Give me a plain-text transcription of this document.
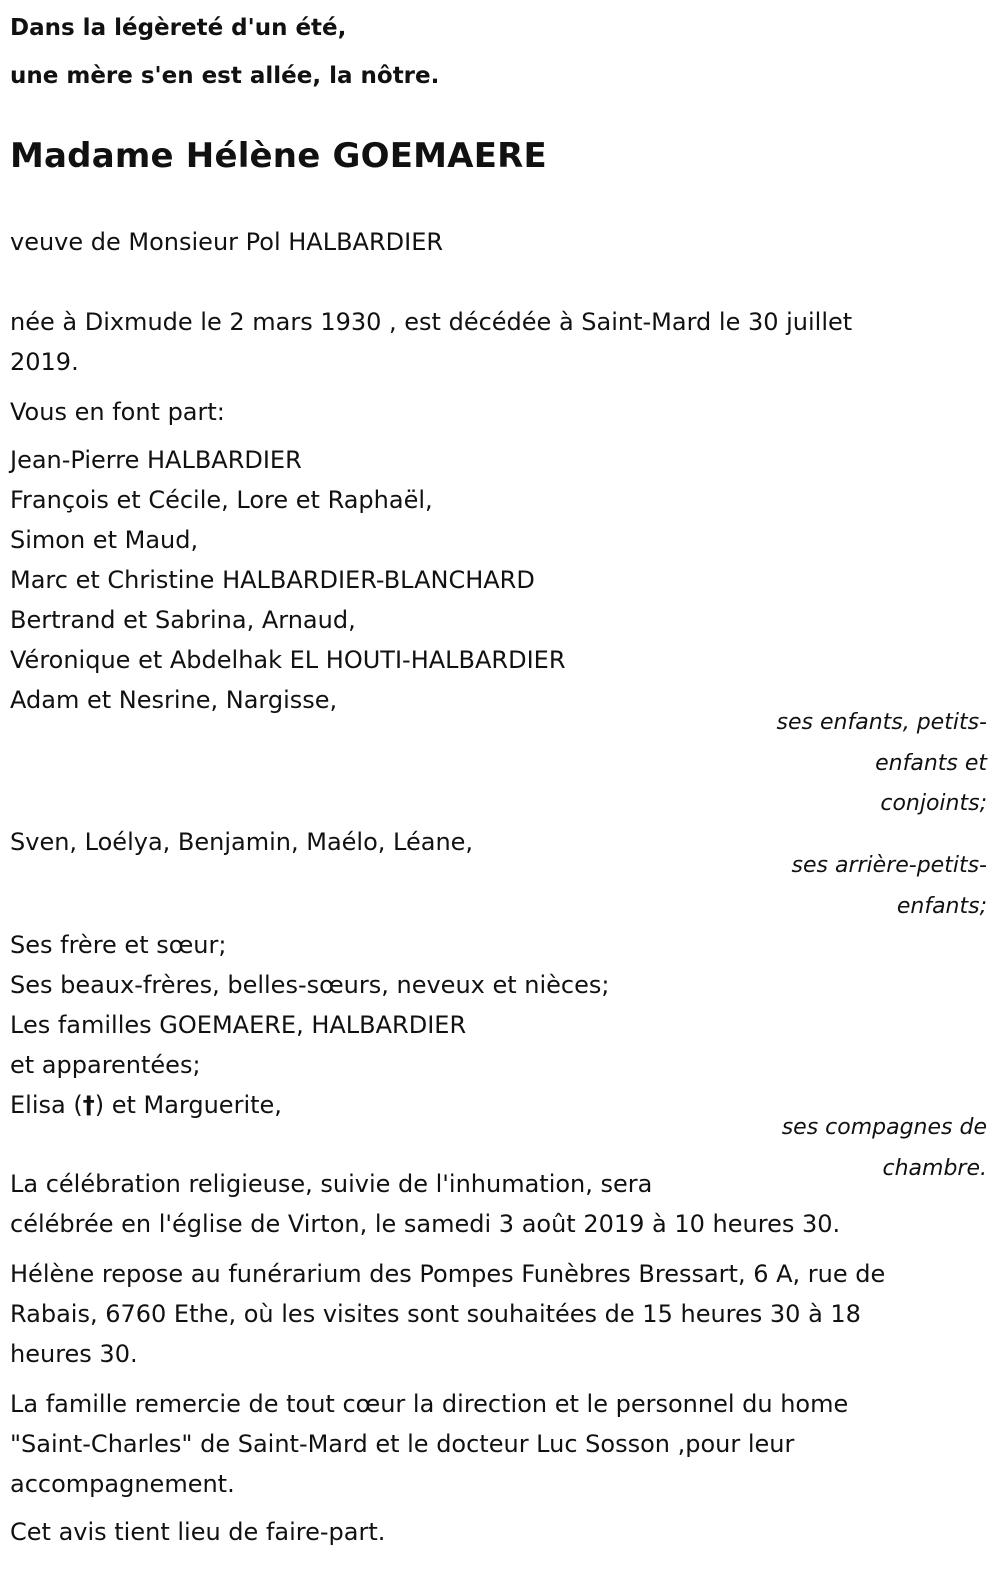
Dans la légèreté d'un été,
une mère s'en est allée, la nôtre.
Madame Hélène GOEMAERE
veuve de Monsieur Pol HALBARDIER
née à Dixmude le 2 mars 1930 , est décédée à Saint-Mard le 30 juillet
2019.
Vous en font part:
Jean-Pierre HALBARDIER
François et Cécile, Lore et Raphaël,
Simon et Maud,
Marc et Christine HALBARDIER-BLANCHARD
Bertrand et Sabrina, Arnaud,
Véronique et Abdelhak EL HOUTI-HALBARDIER
Adam et Nesrine, Nargisse,
ses enfants, petits-
enfants et
conjoints;
Sven, Loélya, Benjamin, Maélo, Léane,
ses arrière-petits-
enfants;
Ses frère et sœur;
Ses beaux-frères, belles-sœurs, neveux et nièces;
Les familles GOEMAERE, HALBARDIER
et apparentées;
Elisa (†) et Marguerite,
ses compagnes de
chambre.
La célébration religieuse, suivie de l'inhumation, sera
célébrée en l'église de Virton, le samedi 3 août 2019 à 10 heures 30.
Hélène repose au funérarium des Pompes Funèbres Bressart, 6 A, rue de
Rabais, 6760 Ethe, où les visites sont souhaitées de 15 heures 30 à 18
heures 30.
La famille remercie de tout cœur la direction et le personnel du home
"Saint-Charles" de Saint-Mard et le docteur Luc Sosson ,pour leur
accompagnement.
Cet avis tient lieu de faire-part.
